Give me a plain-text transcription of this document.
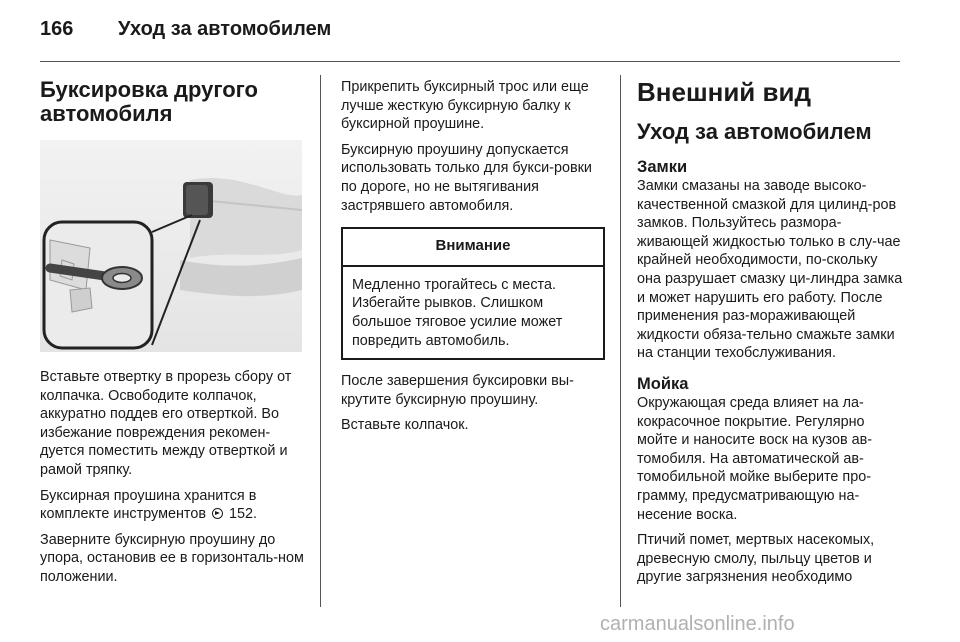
166 Уход за автомобилем
Буксировка другого автомобиля

Вставьте отвертку в прорезь сбору от колпачка. Освободите колпачок, аккуратно поддев его отверткой. Во избежание повреждения рекомен-дуется поместить между отверткой и рамой тряпку.

Буксирная проушина хранится в комплекте инструментов 152.

Заверните буксирную проушину до упора, остановив ее в горизонталь-ном положении.

Прикрепить буксирный трос или еще лучше жесткую буксирную балку к буксирной проушине.

Буксирную проушину допускается использовать только для букси-ровки по дороге, но не вытягивания застрявшего автомобиля.

Внимание
Медленно трогайтесь с места. Избегайте рывков. Слишком большое тяговое усилие может повредить автомобиль.

После завершения буксировки вы-крутите буксирную проушину.

Вставьте колпачок.

Внешний вид
Уход за автомобилем
Замки

Замки смазаны на заводе высоко-качественной смазкой для цилинд-ров замков. Пользуйтесь размора-живающей жидкостью только в слу-чае крайней необходимости, по-скольку она разрушает смазку ци-линдра замка и может нарушить его работу. После применения раз-мораживающей жидкости обяза-тельно смажьте замки на станции техобслуживания.

Мойка

Окружающая среда влияет на ла-кокрасочное покрытие. Регулярно мойте и наносите воск на кузов ав-томобиля. На автоматической ав-томобильной мойке выберите про-грамму, предусматривающую на-несение воска.

Птичий помет, мертвых насекомых, древесную смолу, пыльцу цветов и другие загрязнения необходимо

carmanualsonline.info
